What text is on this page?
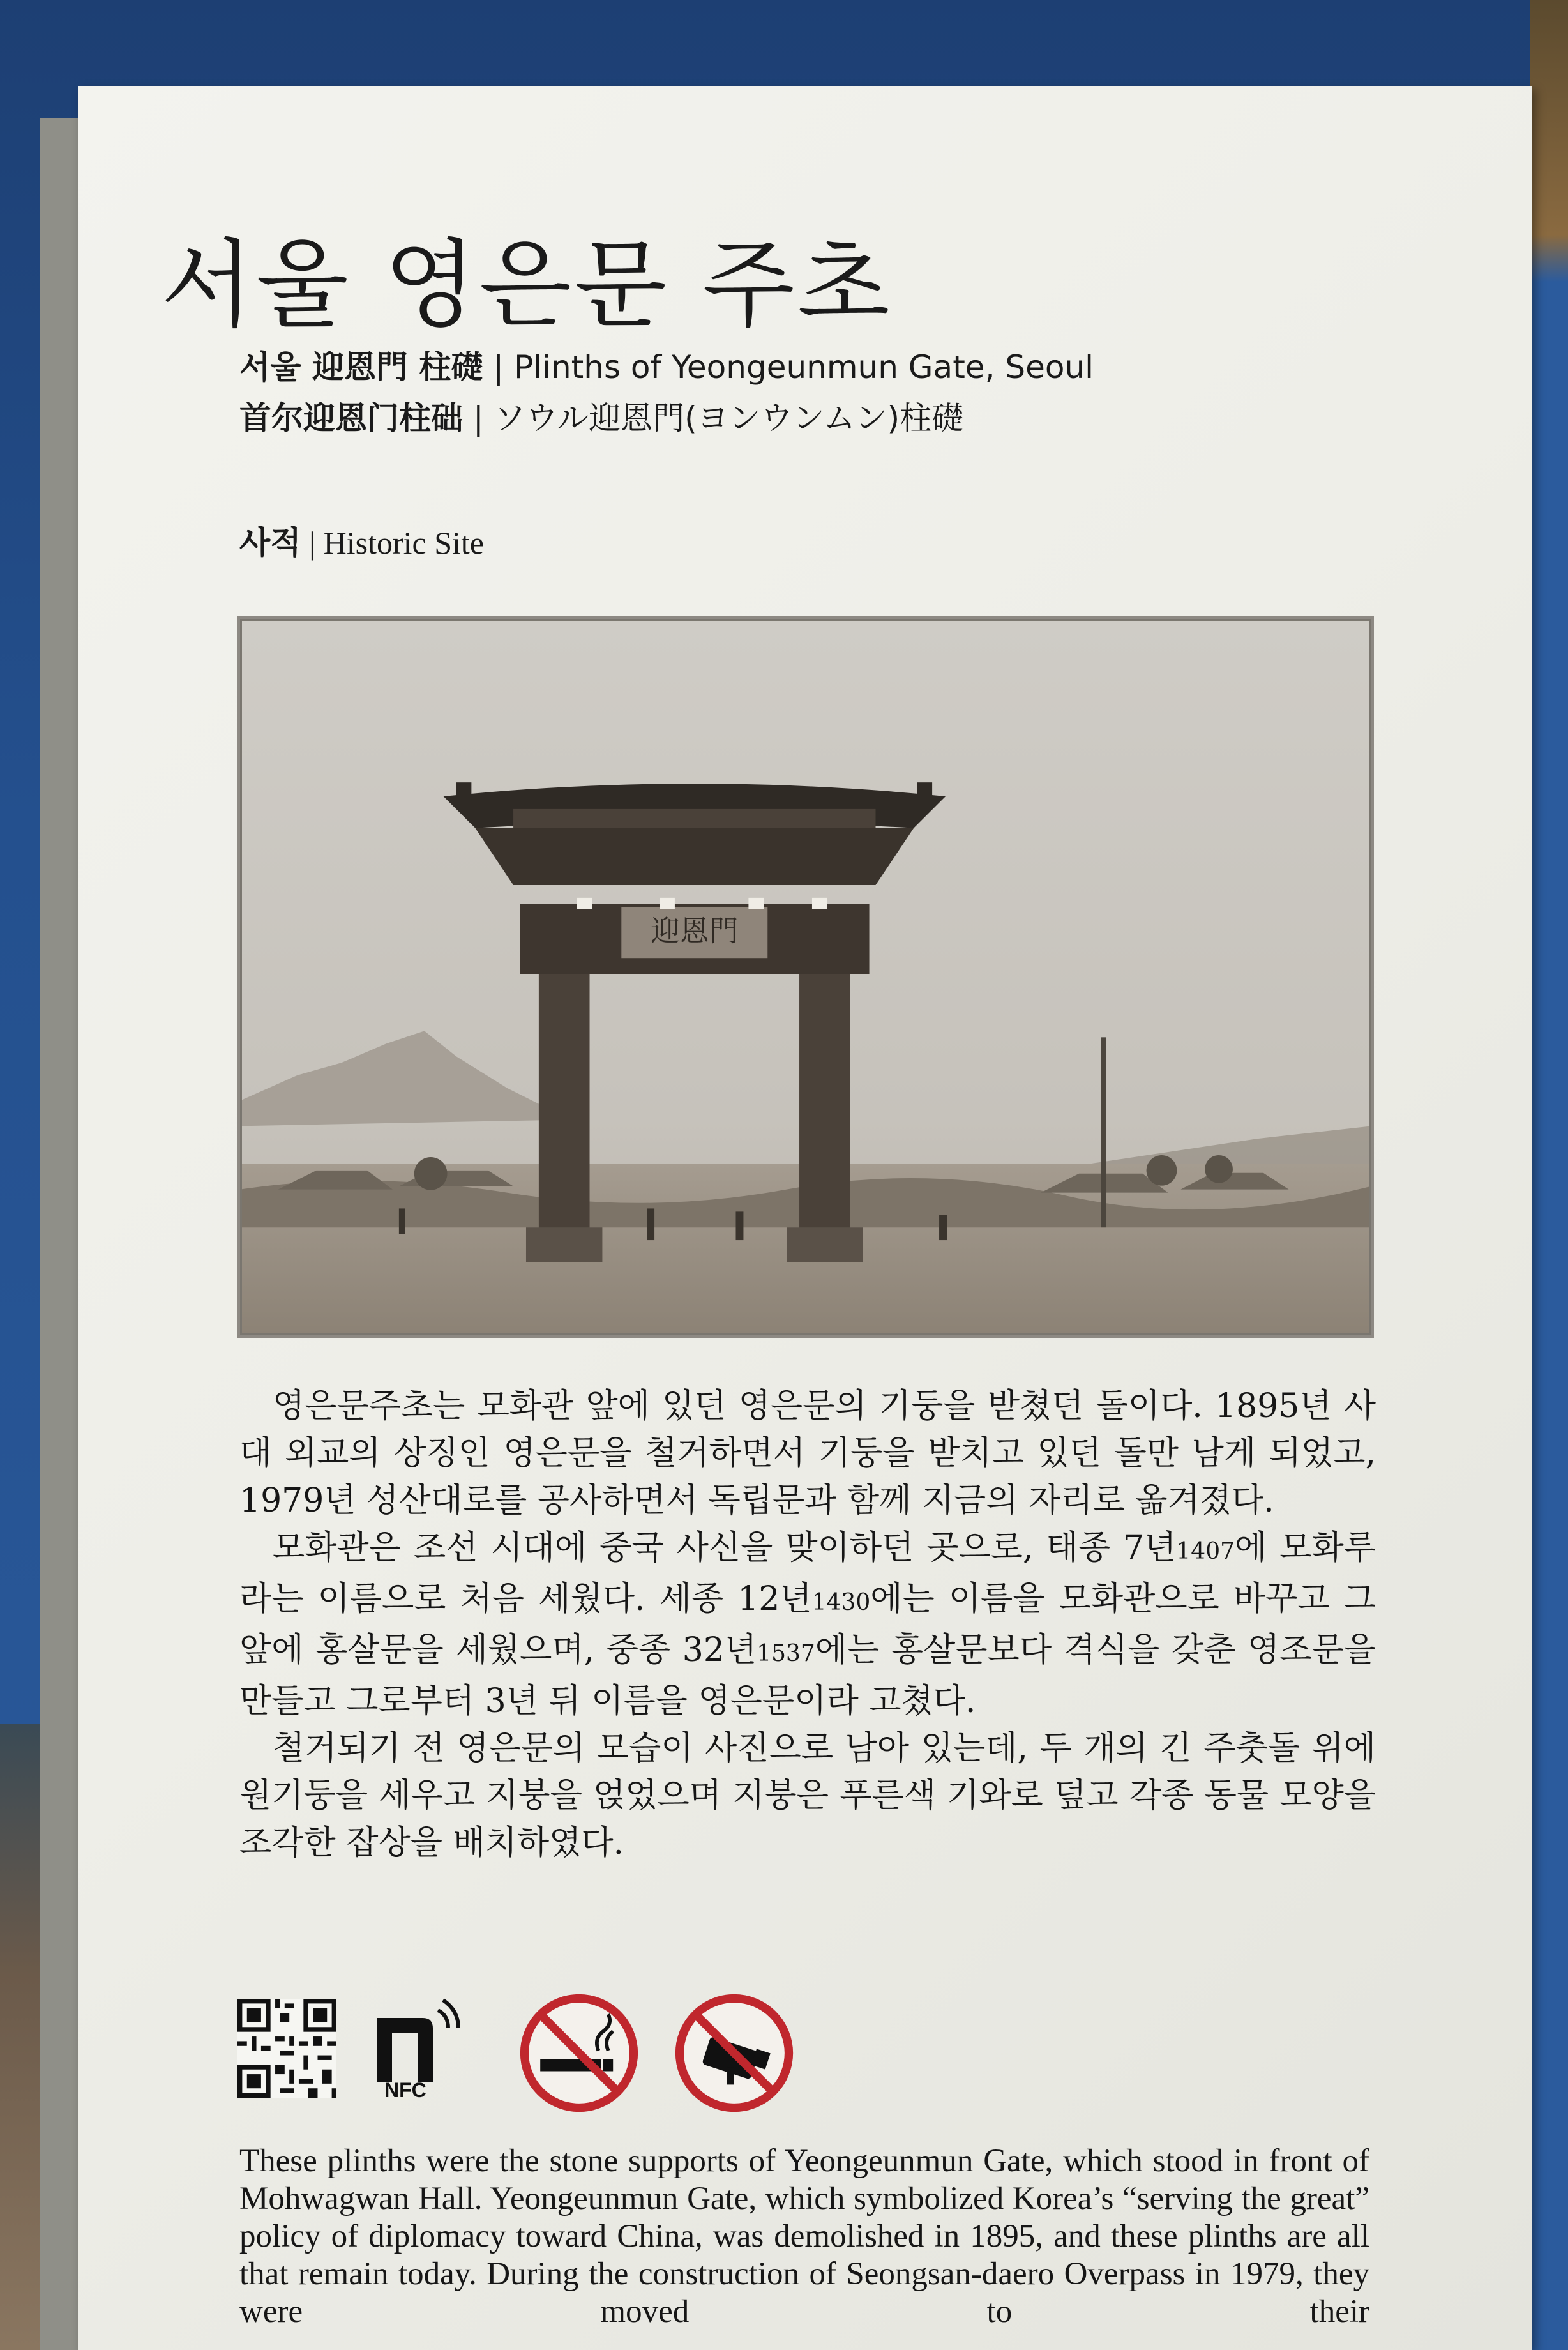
서울 영은문 주초
서울 迎恩門 柱礎 | Plinths of Yeongeunmun Gate, Seoul
首尔迎恩门柱础 | ソウル迎恩門(ヨンウンムン)柱礎
사적 | Historic Site
迎恩門

영은문주초는 모화관 앞에 있던 영은문의 기둥을 받쳤던 돌이다. 1895년 사대 외교의 상징인 영은문을 철거하면서 기둥을 받치고 있던 돌만 남게 되었고, 1979년 성산대로를 공사하면서 독립문과 함께 지금의 자리로 옮겨졌다.

모화관은 조선 시대에 중국 사신을 맞이하던 곳으로, 태종 7년1407에 모화루라는 이름으로 처음 세웠다. 세종 12년1430에는 이름을 모화관으로 바꾸고 그 앞에 홍살문을 세웠으며, 중종 32년1537에는 홍살문보다 격식을 갖춘 영조문을 만들고 그로부터 3년 뒤 이름을 영은문이라 고쳤다.

철거되기 전 영은문의 모습이 사진으로 남아 있는데, 두 개의 긴 주춧돌 위에 원기둥을 세우고 지붕을 얹었으며 지붕은 푸른색 기와로 덮고 각종 동물 모양을 조각한 잡상을 배치하였다.

NFC

These plinths were the stone supports of Yeongeunmun Gate, which stood in front of Mohwagwan Hall. Yeongeunmun Gate, which symbolized Korea’s “serving the great” policy of diplomacy toward China, was demolished in 1895, and these plinths are all that remain today. During the construction of Seongsan-daero Overpass in 1979, they were moved to their
